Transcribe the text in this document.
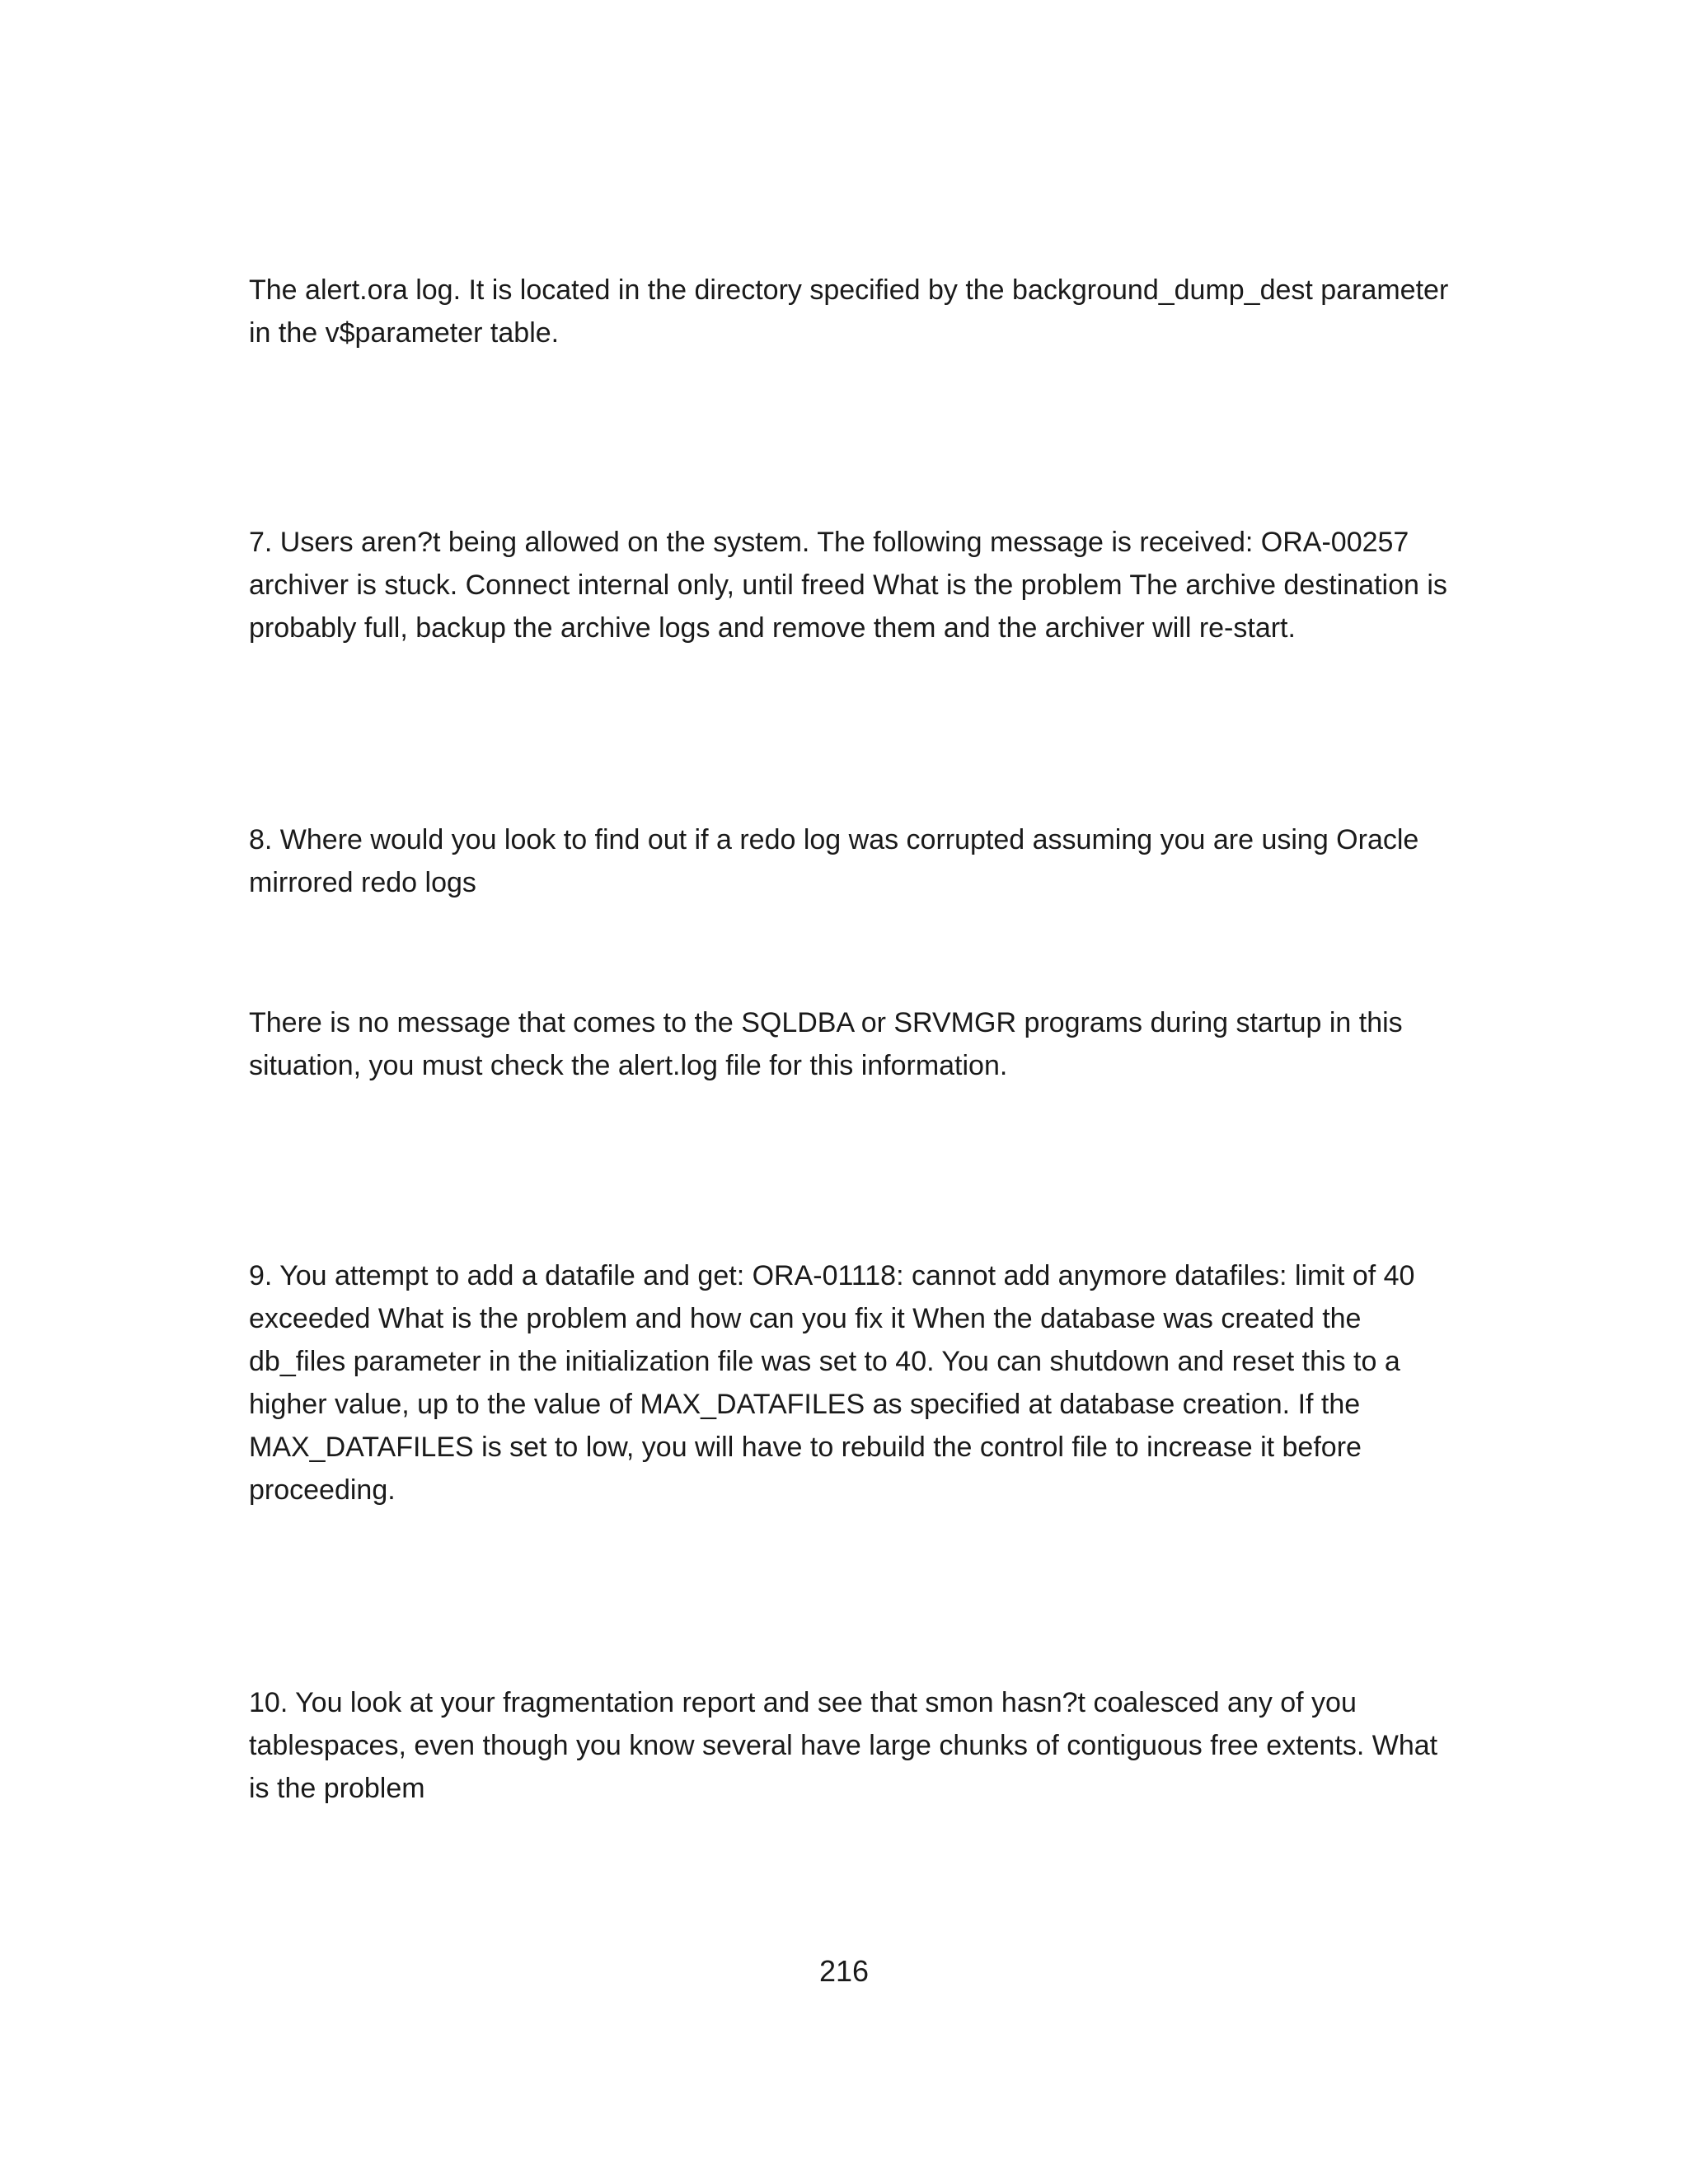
The alert.ora log. It is located in the directory specified by the background_dump_dest parameter in the v$parameter table.

7. Users aren?t being allowed on the system. The following message is received: ORA-00257 archiver is stuck. Connect internal only, until freed What is the problem The archive destination is probably full, backup the archive logs and remove them and the archiver will re-start.

8. Where would you look to find out if a redo log was corrupted assuming you are using Oracle mirrored redo logs

There is no message that comes to the SQLDBA or SRVMGR programs during startup in this situation, you must check the alert.log file for this information.

9. You attempt to add a datafile and get: ORA-01118: cannot add anymore datafiles: limit of 40 exceeded What is the problem and how can you fix it When the database was created the db_files parameter in the initialization file was set to 40. You can shutdown and reset this to a higher value, up to the value of MAX_DATAFILES as specified at database creation. If the MAX_DATAFILES is set to low, you will have to rebuild the control file to increase it before proceeding.

10. You look at your fragmentation report and see that smon hasn?t coalesced any of you tablespaces, even though you know several have large chunks of contiguous free extents. What is the problem

216
